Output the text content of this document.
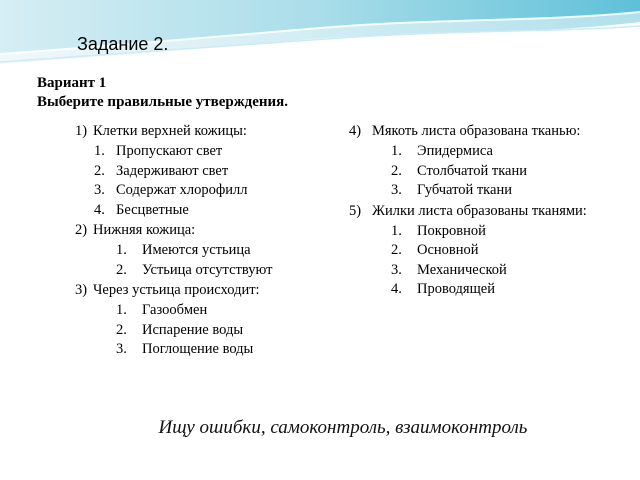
Задание 2.
Вариант 1
Выберите правильные утверждения.
1) Клетки верхней кожицы:
1. Пропускают свет
2. Задерживают свет
3. Содержат хлорофилл
4. Бесцветные
2) Нижняя кожица:
1. Имеются устьица
2. Устьица отсутствуют
3) Через устьица происходит:
1. Газообмен
2. Испарение воды
3. Поглощение воды
4) Мякоть листа образована тканью:
1. Эпидермиса
2. Столбчатой ткани
3. Губчатой ткани
5) Жилки листа образованы тканями:
1. Покровной
2. Основной
3. Механической
4. Проводящей
Ищу ошибки, самоконтроль, взаимоконтроль
